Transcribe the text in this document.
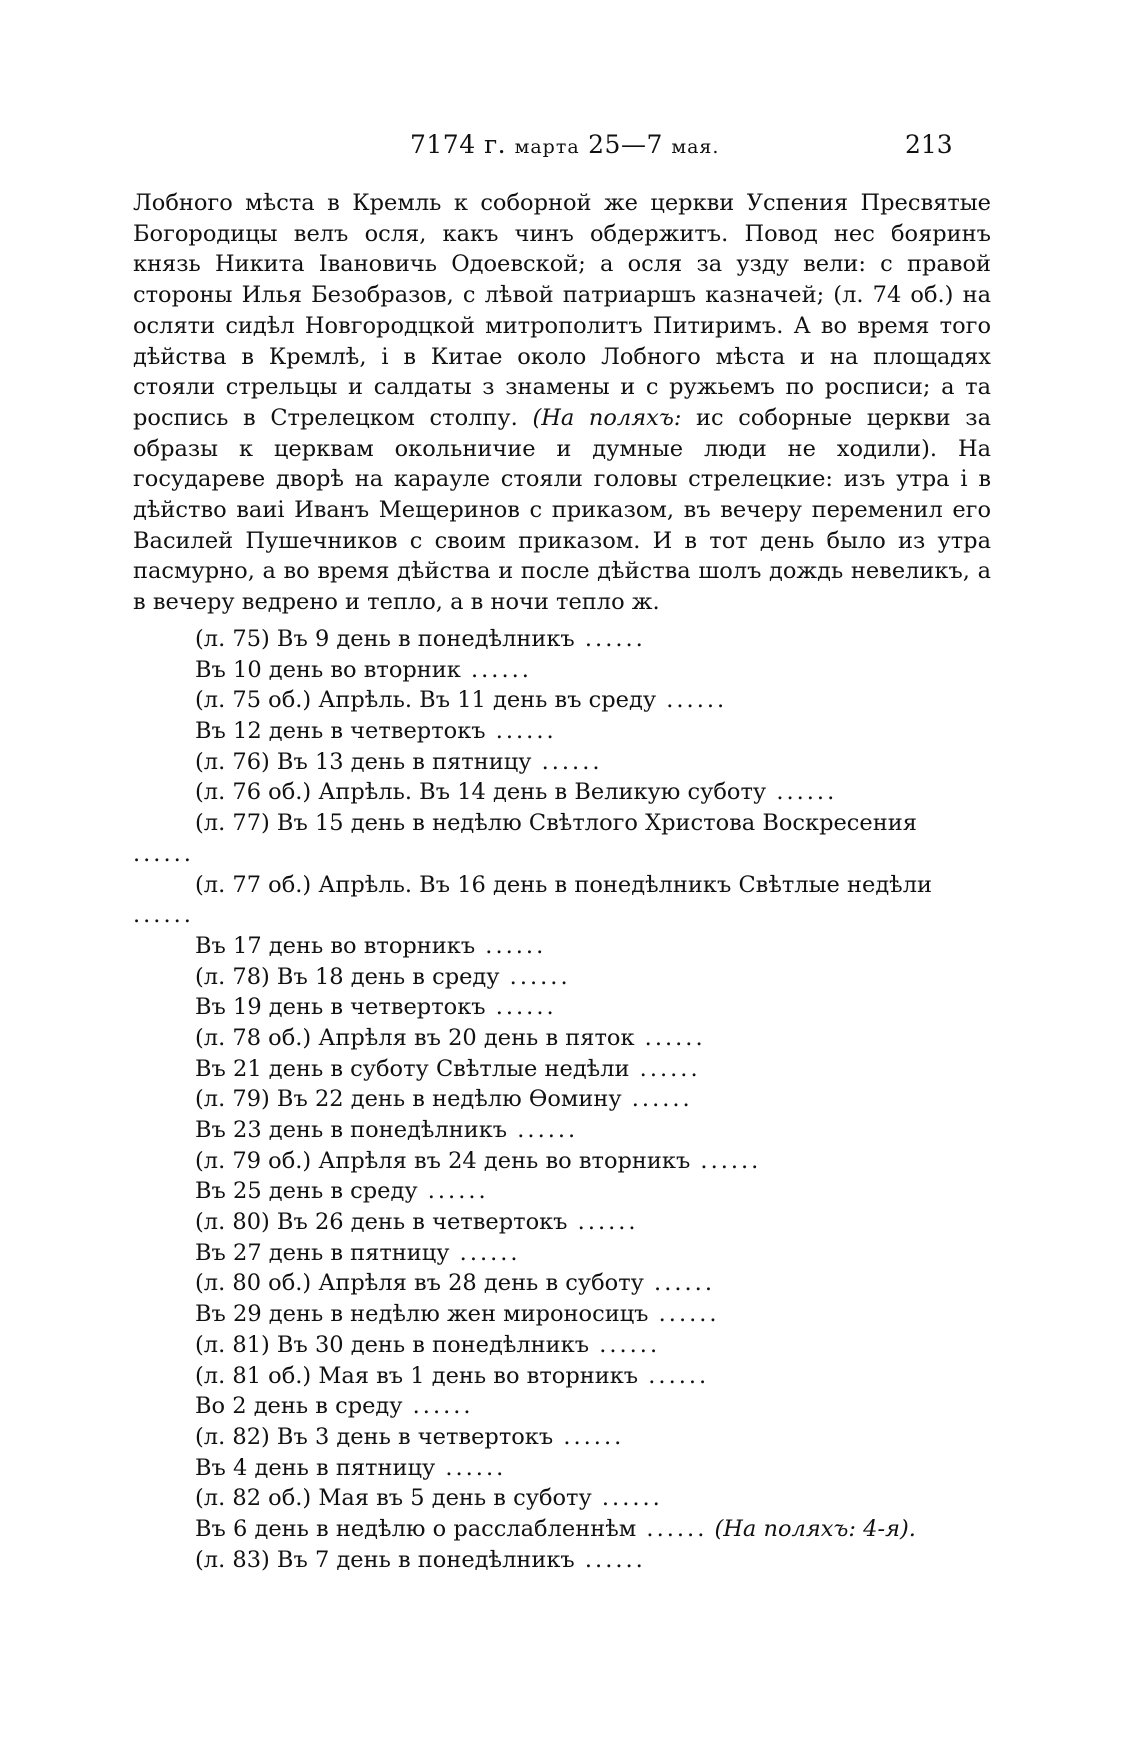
7174 г. марта 25—7 мая.	213

Лобного мѣста в Кремль к соборной же церкви Успения Пресвятые Богородицы велъ осля, какъ чинъ обдержитъ. Повод нес бояринъ князь Никита Івановичь Одоевской; а осля за узду вели: с правой стороны Илья Безобразов, с лѣвой патриаршъ казначей; (л. 74 об.) на осляти сидѣл Новгородцкой митрополитъ Питиримъ. А во время того дѣйства в Кремлѣ, і в Китае около Лобного мѣста и на площадях стояли стрельцы и салдаты з знамены и с ружьемъ по росписи; а та роспись в Стрелецком столпу. (На поляхъ: ис соборные церкви за образы к церквам окольничие и думные люди не ходили). На государеве дворѣ на карауле стояли головы стрелецкие: изъ утра і в дѣйство ваиі Иванъ Мещеринов с приказом, въ вечеру переменил его Василей Пушечников с своим приказом. И в тот день было из утра пасмурно, а во время дѣйства и после дѣйства шолъ дождь невеликъ, а в вечеру ведрено и тепло, а в ночи тепло ж.

(л. 75) Въ 9 день в понедѣлникъ ......
Въ 10 день во вторник ......
(л. 75 об.) Апрѣль. Въ 11 день въ среду ......
Въ 12 день в четвертокъ ......
(л. 76) Въ 13 день в пятницу ......
(л. 76 об.) Апрѣль. Въ 14 день в Великую суботу ......
(л. 77) Въ 15 день в недѣлю Свѣтлого Христова Воскресения
......
(л. 77 об.) Апрѣль. Въ 16 день в понедѣлникъ Свѣтлые недѣли
......
Въ 17 день во вторникъ ......
(л. 78) Въ 18 день в среду ......
Въ 19 день в четвертокъ ......
(л. 78 об.) Апрѣля въ 20 день в пяток ......
Въ 21 день в суботу Свѣтлые недѣли ......
(л. 79) Въ 22 день в недѣлю Ѳомину ......
Въ 23 день в понедѣлникъ ......
(л. 79 об.) Апрѣля въ 24 день во вторникъ ......
Въ 25 день в среду ......
(л. 80) Въ 26 день в четвертокъ ......
Въ 27 день в пятницу ......
(л. 80 об.) Апрѣля въ 28 день в суботу ......
Въ 29 день в недѣлю жен мироносицъ ......
(л. 81) Въ 30 день в понедѣлникъ ......
(л. 81 об.) Мая въ 1 день во вторникъ ......
Во 2 день в среду ......
(л. 82) Въ 3 день в четвертокъ ......
Въ 4 день в пятницу ......
(л. 82 об.) Мая въ 5 день в суботу ......
Въ 6 день в недѣлю о расслабленнѣм ...... (На поляхъ: 4-я).
(л. 83) Въ 7 день в понедѣлникъ ......
